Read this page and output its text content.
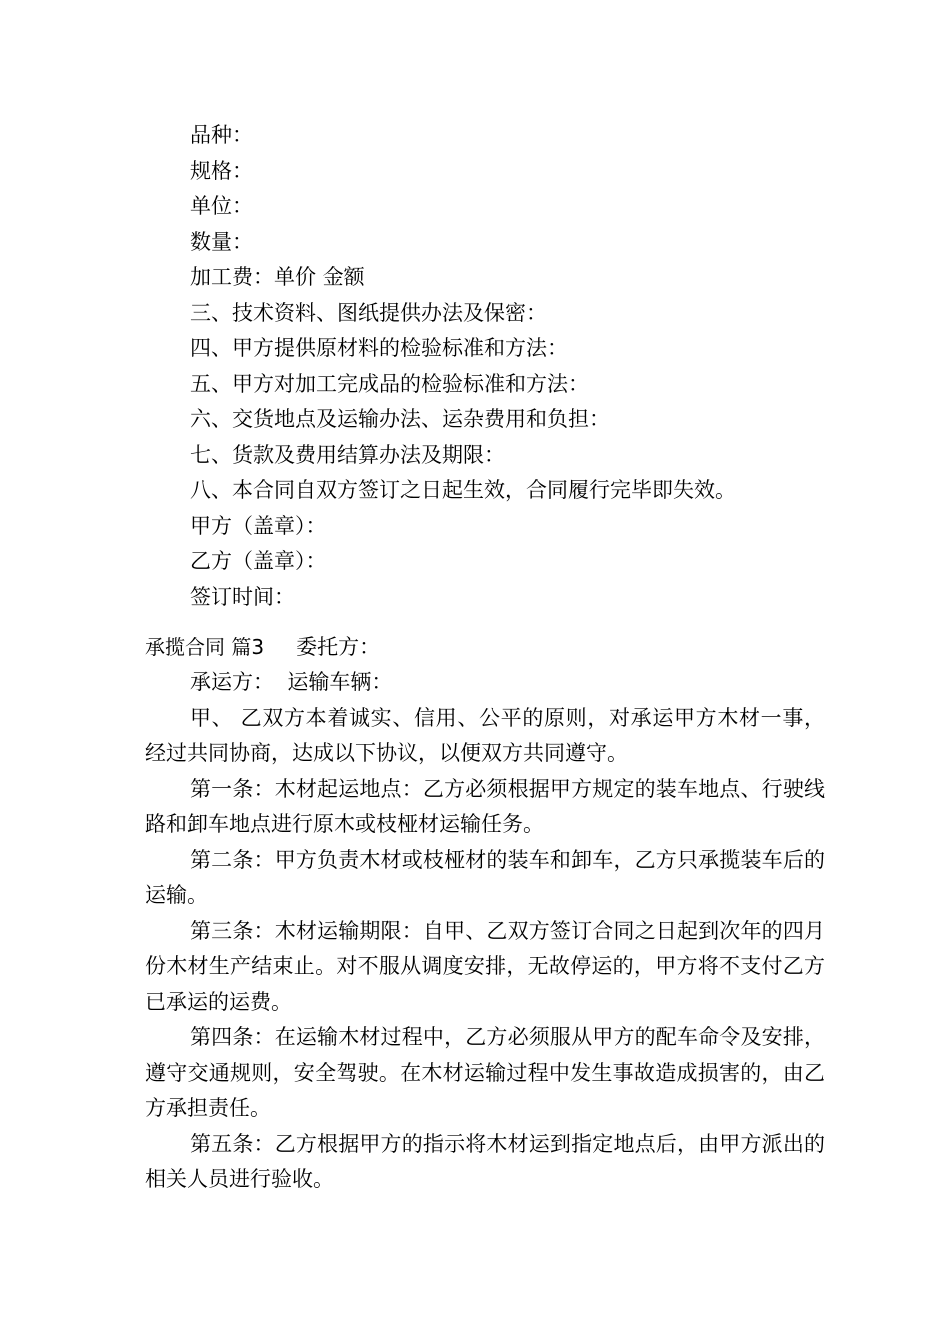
品种：
规格：
单位：
数量：
加工费：单价 金额
三、技术资料、图纸提供办法及保密：
四、甲方提供原材料的检验标准和方法：
五、甲方对加工完成品的检验标准和方法：
六、交货地点及运输办法、运杂费用和负担：
七、货款及费用结算办法及期限：
八、本合同自双方签订之日起生效，合同履行完毕即失效。
甲方（盖章）：
乙方（盖章）：
签订时间：
承揽合同 篇3 委托方：
承运方：  运输车辆：
甲、 乙双方本着诚实、信用、公平的原则，对承运甲方木材一事，经过共同协商，达成以下协议，以便双方共同遵守。
第一条：木材起运地点：乙方必须根据甲方规定的装车地点、行驶线路和卸车地点进行原木或枝桠材运输任务。
第二条：甲方负责木材或枝桠材的装车和卸车，乙方只承揽装车后的运输。
第三条：木材运输期限：自甲、乙双方签订合同之日起到次年的四月份木材生产结束止。对不服从调度安排，无故停运的，甲方将不支付乙方已承运的运费。
第四条：在运输木材过程中，乙方必须服从甲方的配车命令及安排，遵守交通规则，安全驾驶。在木材运输过程中发生事故造成损害的，由乙方承担责任。
第五条：乙方根据甲方的指示将木材运到指定地点后，由甲方派出的相关人员进行验收。
